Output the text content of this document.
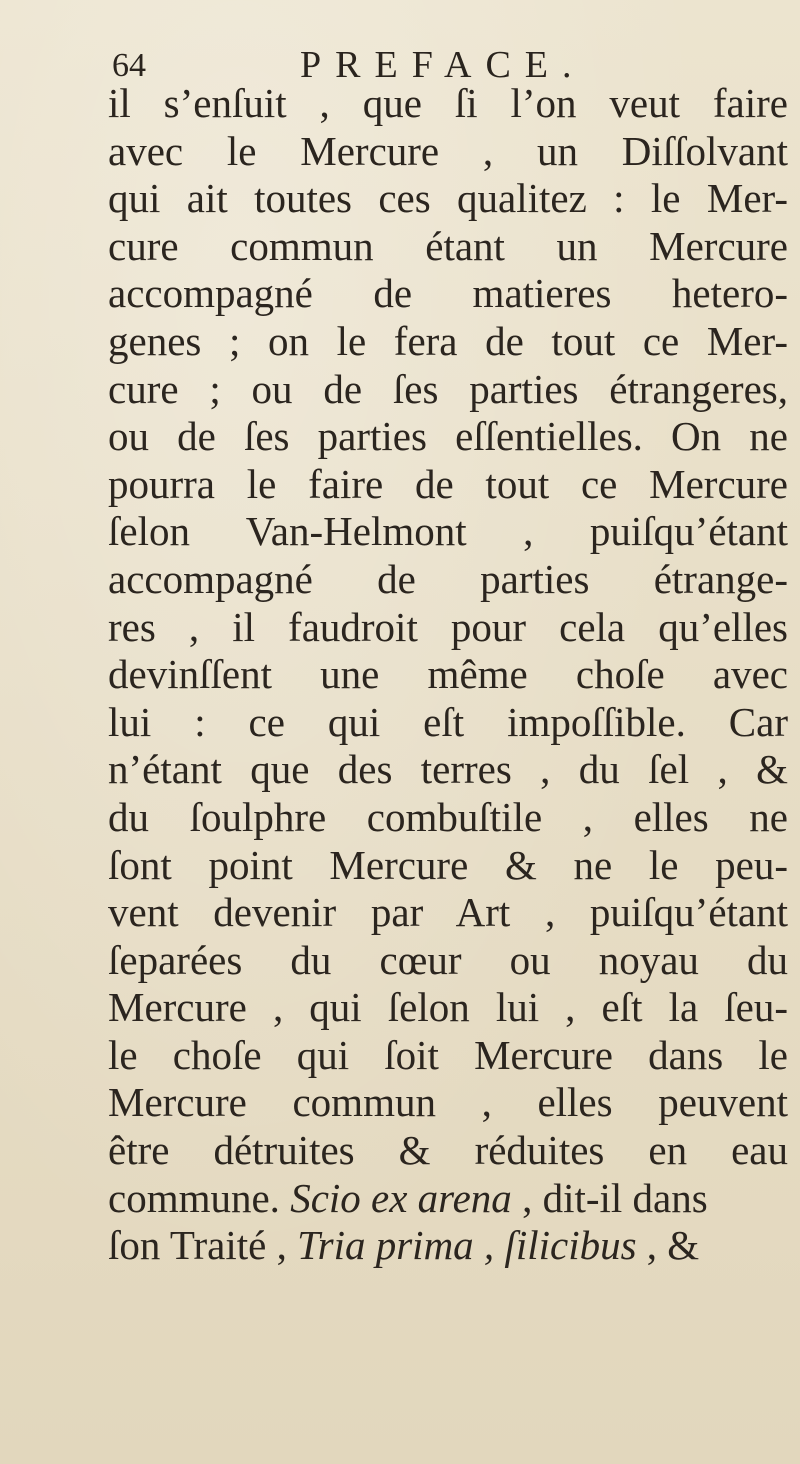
64	PREFACE.
il s’enſuit , que ſi l’on veut faire
avec le Mercure , un Diſſolvant
qui ait toutes ces qualitez : le Mer-
cure commun étant un Mercure
accompagné de matieres hetero-
genes ; on le fera de tout ce Mer-
cure ; ou de ſes parties étrangeres,
ou de ſes parties eſſentielles. On ne
pourra le faire de tout ce Mercure
ſelon Van-Helmont , puiſqu’étant
accompagné de parties étrange-
res , il faudroit pour cela qu’elles
devinſſent une même choſe avec
lui : ce qui eſt impoſſible. Car
n’étant que des terres , du ſel , &
du ſoulphre combuſtile , elles ne
ſont point Mercure & ne le peu-
vent devenir par Art , puiſqu’étant
ſeparées du cœur ou noyau du
Mercure , qui ſelon lui , eſt la ſeu-
le choſe qui ſoit Mercure dans le
Mercure commun , elles peuvent
être détruites & réduites en eau
commune. Scio ex arena , dit-il dans
ſon Traité , Tria prima , ſilicibus , &
